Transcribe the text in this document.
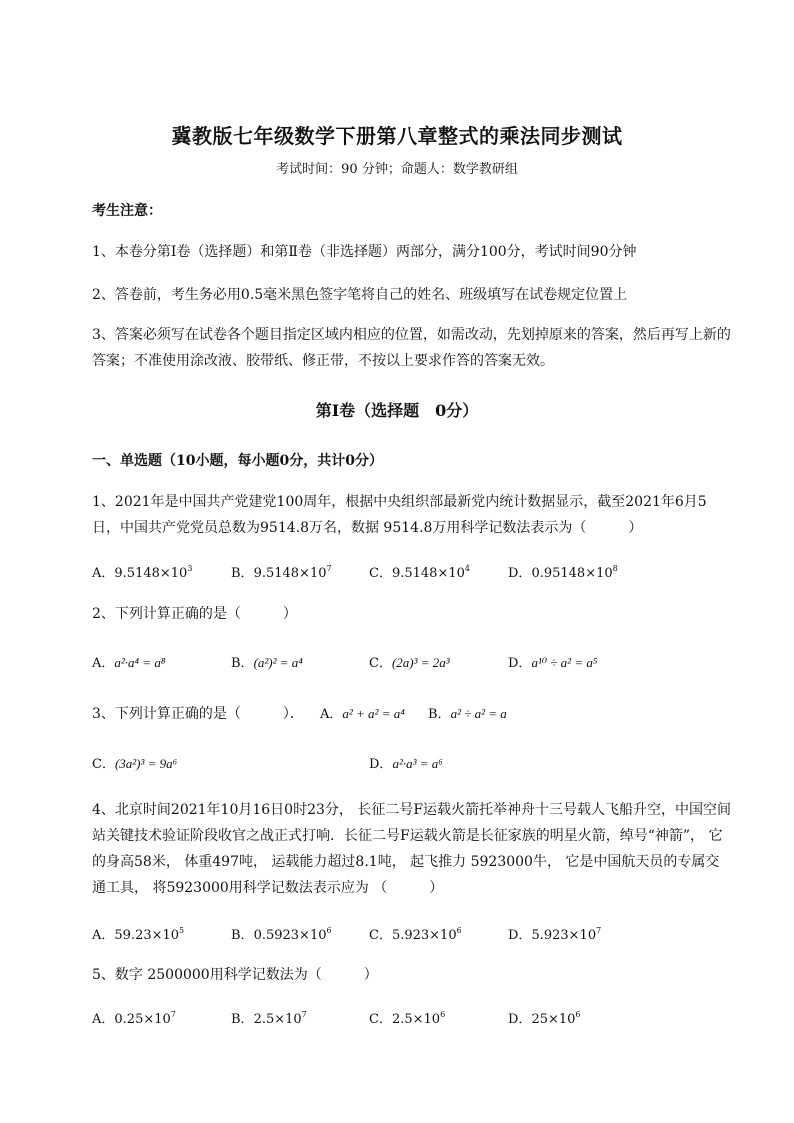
冀教版七年级数学下册第八章整式的乘法同步测试
考试时间：90 分钟；命题人：数学教研组
考生注意：
1、本卷分第Ⅰ卷（选择题）和第Ⅱ卷（非选择题）两部分，满分100分，考试时间90分钟
2、答卷前，考生务必用0.5毫米黑色签字笔将自己的姓名、班级填写在试卷规定位置上
3、答案必须写在试卷各个题目指定区域内相应的位置，如需改动，先划掉原来的答案，然后再写上新的答案；不准使用涂改液、胶带纸、修正带，不按以上要求作答的答案无效。
第Ⅰ卷（选择题　0分）
一、单选题（10小题，每小题0分，共计0分）
1、2021年是中国共产党建党100周年，根据中央组织部最新党内统计数据显示，截至2021年6月5日，中国共产党党员总数为9514.8万名，数据 9514.8万用科学记数法表示为（　　　）
A．$9.5148\times 10^3$	B．$9.5148\times 10^7$	C．$9.5148\times 10^4$	D．$0.95148\times 10^8$
2、下列计算正确的是（　　　）
A．a²·a⁴ = a⁸	B．(a²)² = a⁴	C．(2a)³ = 2a³	D．a¹⁰ ÷ a² = a⁵
3、下列计算正确的是（　　　）． A．a² + a² = a⁴ B．a² ÷ a² = a
C．(3a²)³ = 9a⁶	D．a²·a³ = a⁶
4、北京时间2021年10月16日0时23分， 长征二号F运载火箭托举神舟十三号载人飞船升空，中国空间站关键技术验证阶段收官之战正式打响．长征二号F运载火箭是长征家族的明星火箭，绰号“神箭”， 它的身高58米， 体重497吨， 运载能力超过8.1吨， 起飞推力 5923000牛， 它是中国航天员的专属交通工具， 将5923000用科学记数法表示应为 （　　　）
A．$59.23\times 10^5$	B．$0.5923\times 10^6$	C．$5.923\times 10^6$	D．$5.923\times 10^7$
5、数字 2500000用科学记数法为（　　　）
A．$0.25\times 10^7$	B．$2.5\times 10^7$	C．$2.5\times 10^6$	D．$25\times 10^6$
